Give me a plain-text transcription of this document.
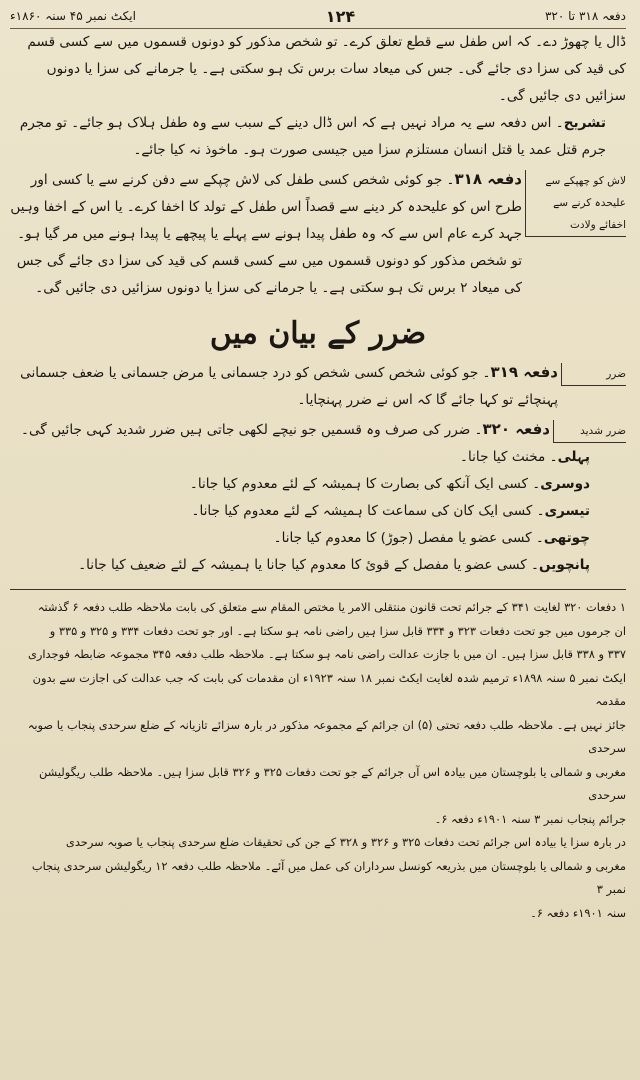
دفعہ ۳۱۸ تا ۳۲۰
۱۲۴
ایکٹ نمبر ۴۵ سنہ ۱۸۶۰ء

ڈال یا چھوڑ دے۔ کہ اس طفل سے قطع تعلق کرے۔ تو شخص مذکور کو دونوں قسموں میں سے کسی قسم کی قید کی سزا دی جائے گی۔ جس کی میعاد سات برس تک ہو سکتی ہے۔ یا جرمانے کی سزا یا دونوں سزائیں دی جائیں گی۔

تشریح۔ اس دفعہ سے یہ مراد نہیں ہے کہ اس ڈال دینے کے سبب سے وہ طفل ہلاک ہو جائے۔ تو مجرم جرم قتل عمد یا قتل انسان مستلزم سزا میں جیسی صورت ہو۔ ماخوذ نہ کیا جائے۔

لاش کو چھپکے سے علیحدہ کرنے سے اخفائے ولادت

دفعہ ۳۱۸۔ جو کوئی شخص کسی طفل کی لاش چپکے سے دفن کرنے سے یا کسی اور طرح اس کو علیحدہ کر دینے سے قصداً اس طفل کے تولد کا اخفا کرے۔ یا اس کے اخفا وہیں جہد کرے عام اس سے کہ وہ طفل پیدا ہونے سے پہلے یا پیچھے یا پیدا ہونے میں مر گیا ہو۔ تو شخص مذکور کو دونوں قسموں میں سے کسی قسم کی قید کی سزا دی جائے گی جس کی میعاد ۲ برس تک ہو سکتی ہے۔ یا جرمانے کی سزا یا دونوں سزائیں دی جائیں گی۔

ضرر کے بیان میں
ضرر

دفعہ ۳۱۹۔ جو کوئی شخص کسی شخص کو درد جسمانی یا مرض جسمانی یا ضعف جسمانی پہنچائے تو کہا جائے گا کہ اس نے ضرر پہنچایا۔

ضرر شدید

دفعہ ۳۲۰۔ ضرر کی صرف وہ قسمیں جو نیچے لکھی جاتی ہیں ضرر شدید کہی جائیں گی۔

پہلی۔ مخنث کیا جانا۔
دوسری۔ کسی ایک آنکھ کی بصارت کا ہمیشہ کے لئے معدوم کیا جانا۔
تیسری۔ کسی ایک کان کی سماعت کا ہمیشہ کے لئے معدوم کیا جانا۔
چوتھی۔ کسی عضو یا مفصل (جوڑ) کا معدوم کیا جانا۔
پانچویں۔ کسی عضو یا مفصل کے قوئ کا معدوم کیا جانا یا ہمیشہ کے لئے ضعیف کیا جانا۔

۱ دفعات ۳۲۰ لغایت ۳۴۱ کے جرائم تحت قانون منتقلی الامر یا مختص المقام سے متعلق کی بابت ملاحظہ طلب دفعہ ۶ گذشتہ

ان جرموں میں جو تحت دفعات ۳۲۳ و ۳۳۴ قابل سزا ہیں راضی نامہ ہو سکتا ہے۔ اور جو تحت دفعات ۳۳۴ و ۳۲۵ و ۳۳۵ و

۳۳۷ و ۳۳۸ قابل سزا ہیں۔ ان میں با جازت عدالت راضی نامہ ہو سکتا ہے۔ ملاحظہ طلب دفعہ ۳۴۵ مجموعہ ضابطہ فوجداری

ایکٹ نمبر ۵ سنہ ۱۸۹۸ء ترمیم شدہ لغایت ایکٹ نمبر ۱۸ سنہ ۱۹۲۳ء ان مقدمات کی بابت کہ جب عدالت کی اجازت سے بدون مقدمہ

جائز نہیں ہے۔ ملاحظہ طلب دفعہ تحتی (۵) ان جرائم کے مجموعہ مذکور در بارہ سزائے تازیانہ کے ضلع سرحدی پنجاب یا صوبہ سرحدی

مغربی و شمالی یا بلوچستان میں بیادہ اس آں جرائم کے جو تحت دفعات ۳۲۵ و ۳۲۶ قابل سزا ہیں۔ ملاحظہ طلب ریگولیشن سرحدی

جرائم پنجاب نمبر ۳ سنہ ۱۹۰۱ء دفعہ ۶۔

در بارہ سزا یا بیادہ اس جرائم تحت دفعات ۳۲۵ و ۳۲۶ و ۳۲۸ کے جن کی تحقیقات ضلع سرحدی پنجاب یا صوبہ سرحدی

مغربی و شمالی یا بلوچستان میں بذریعہ کونسل سرداران کی عمل میں آئے۔ ملاحظہ طلب دفعہ ۱۲ ریگولیشن سرحدی پنجاب نمبر ۳

سنہ ۱۹۰۱ء دفعہ ۶۔
